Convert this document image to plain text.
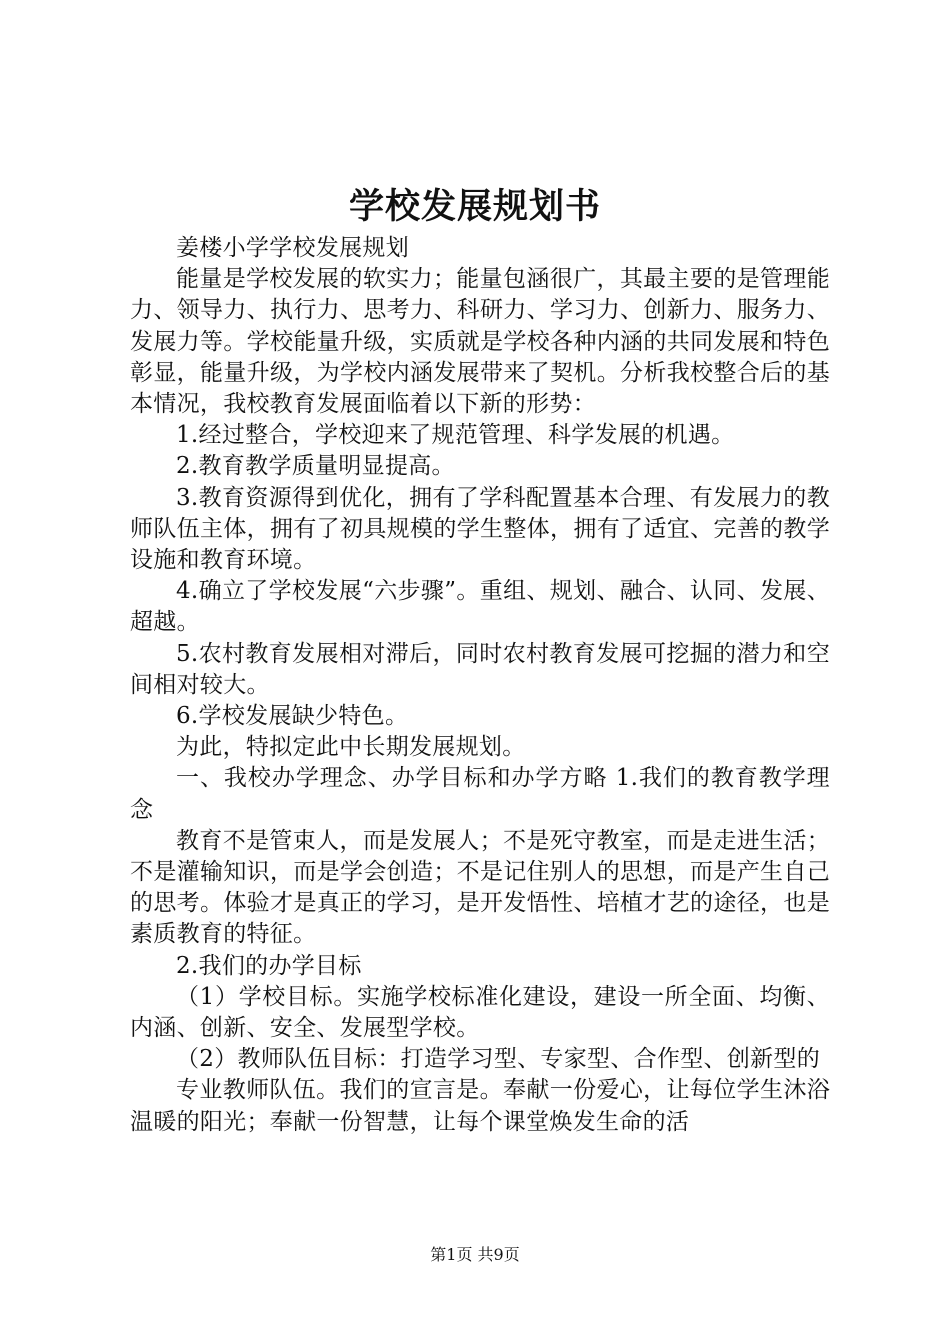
学校发展规划书

姜楼小学学校发展规划

能量是学校发展的软实力；能量包涵很广，其最主要的是管理能力、领导力、执行力、思考力、科研力、学习力、创新力、服务力、发展力等。学校能量升级，实质就是学校各种内涵的共同发展和特色彰显，能量升级，为学校内涵发展带来了契机。分析我校整合后的基本情况，我校教育发展面临着以下新的形势：

1.经过整合，学校迎来了规范管理、科学发展的机遇。

2.教育教学质量明显提高。

3.教育资源得到优化，拥有了学科配置基本合理、有发展力的教师队伍主体，拥有了初具规模的学生整体，拥有了适宜、完善的教学设施和教育环境。

4.确立了学校发展“六步骤”。重组、规划、融合、认同、发展、超越。

5.农村教育发展相对滞后，同时农村教育发展可挖掘的潜力和空间相对较大。

6.学校发展缺少特色。

为此，特拟定此中长期发展规划。

一、我校办学理念、办学目标和办学方略 1.我们的教育教学理念

教育不是管束人，而是发展人；不是死守教室，而是走进生活；不是灌输知识，而是学会创造；不是记住别人的思想，而是产生自己的思考。体验才是真正的学习，是开发悟性、培植才艺的途径，也是素质教育的特征。

2.我们的办学目标

（1）学校目标。实施学校标准化建设，建设一所全面、均衡、内涵、创新、安全、发展型学校。

（2）教师队伍目标：打造学习型、专家型、合作型、创新型的

专业教师队伍。我们的宣言是。奉献一份爱心，让每位学生沐浴温暖的阳光；奉献一份智慧，让每个课堂焕发生命的活

第1页 共9页
